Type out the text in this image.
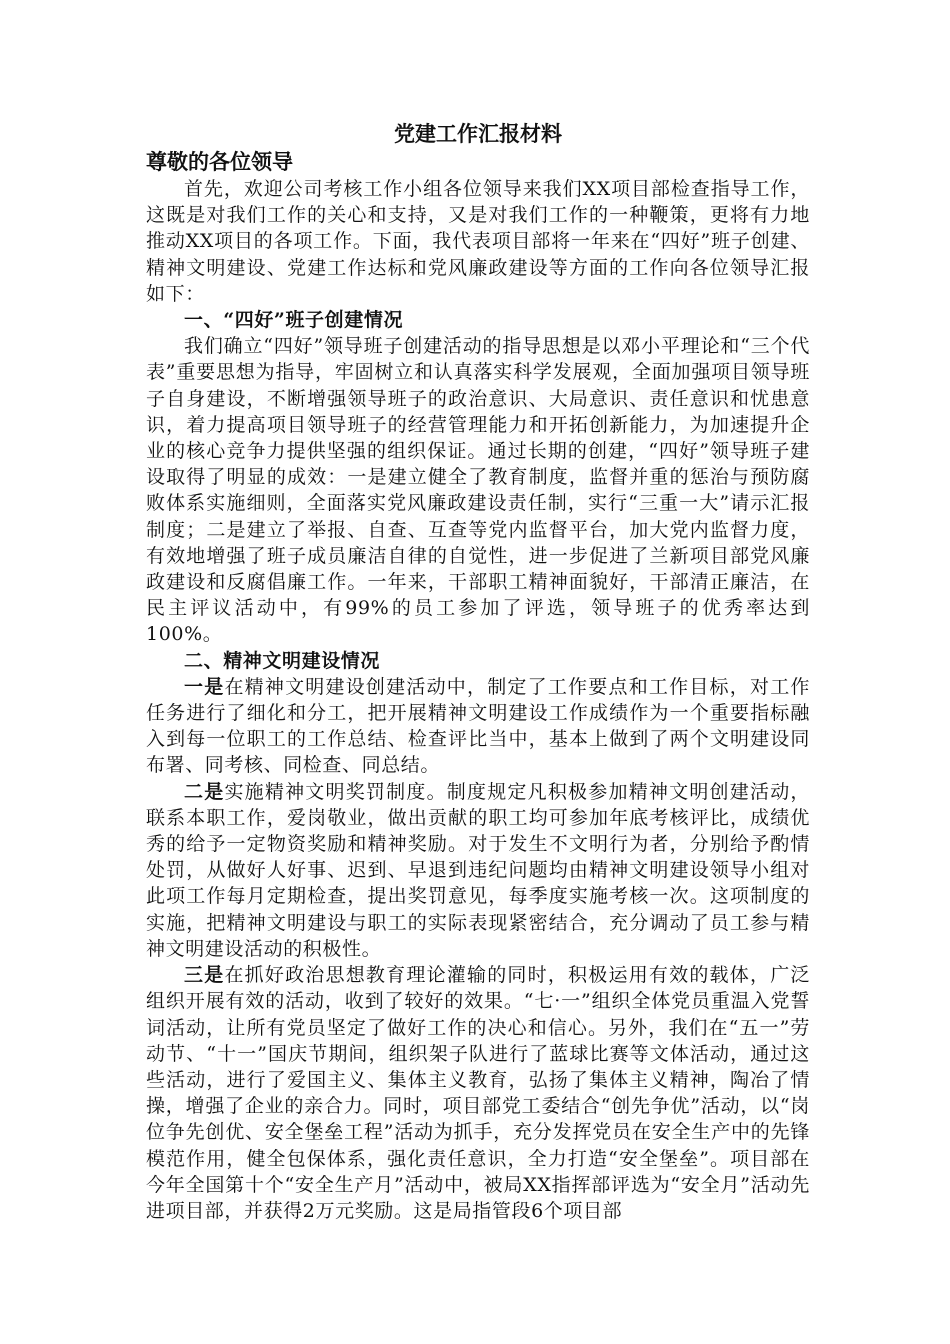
党建工作汇报材料
尊敬的各位领导

首先，欢迎公司考核工作小组各位领导来我们XX项目部检查指导工作，这既是对我们工作的关心和支持，又是对我们工作的一种鞭策，更将有力地推动XX项目的各项工作。下面，我代表项目部将一年来在“四好”班子创建、精神文明建设、党建工作达标和党风廉政建设等方面的工作向各位领导汇报如下：

一、“四好”班子创建情况

我们确立“四好”领导班子创建活动的指导思想是以邓小平理论和“三个代表”重要思想为指导，牢固树立和认真落实科学发展观，全面加强项目领导班子自身建设，不断增强领导班子的政治意识、大局意识、责任意识和忧患意识，着力提高项目领导班子的经营管理能力和开拓创新能力，为加速提升企业的核心竞争力提供坚强的组织保证。通过长期的创建，“四好”领导班子建设取得了明显的成效：一是建立健全了教育制度，监督并重的惩治与预防腐败体系实施细则，全面落实党风廉政建设责任制，实行“三重一大”请示汇报制度；二是建立了举报、自查、互查等党内监督平台，加大党内监督力度，有效地增强了班子成员廉洁自律的自觉性，进一步促进了兰新项目部党风廉政建设和反腐倡廉工作。一年来，干部职工精神面貌好，干部清正廉洁，在民主评议活动中，有99%的员工参加了评选，领导班子的优秀率达到100%。

二、精神文明建设情况

一是在精神文明建设创建活动中，制定了工作要点和工作目标，对工作任务进行了细化和分工，把开展精神文明建设工作成绩作为一个重要指标融入到每一位职工的工作总结、检查评比当中，基本上做到了两个文明建设同布署、同考核、同检查、同总结。

二是实施精神文明奖罚制度。制度规定凡积极参加精神文明创建活动，联系本职工作，爱岗敬业，做出贡献的职工均可参加年底考核评比，成绩优秀的给予一定物资奖励和精神奖励。对于发生不文明行为者，分别给予酌情处罚，从做好人好事、迟到、早退到违纪问题均由精神文明建设领导小组对此项工作每月定期检查，提出奖罚意见，每季度实施考核一次。这项制度的实施，把精神文明建设与职工的实际表现紧密结合，充分调动了员工参与精神文明建设活动的积极性。

三是在抓好政治思想教育理论灌输的同时，积极运用有效的载体，广泛组织开展有效的活动，收到了较好的效果。“七·一”组织全体党员重温入党誓词活动，让所有党员坚定了做好工作的决心和信心。另外，我们在“五一”劳动节、“十一”国庆节期间，组织架子队进行了蓝球比赛等文体活动，通过这些活动，进行了爱国主义、集体主义教育，弘扬了集体主义精神，陶冶了情操，增强了企业的亲合力。同时，项目部党工委结合“创先争优”活动，以“岗位争先创优、安全堡垒工程”活动为抓手，充分发挥党员在安全生产中的先锋模范作用，健全包保体系，强化责任意识，全力打造“安全堡垒”。项目部在今年全国第十个“安全生产月”活动中，被局XX指挥部评选为“安全月”活动先进项目部，并获得2万元奖励。这是局指管段6个项目部
